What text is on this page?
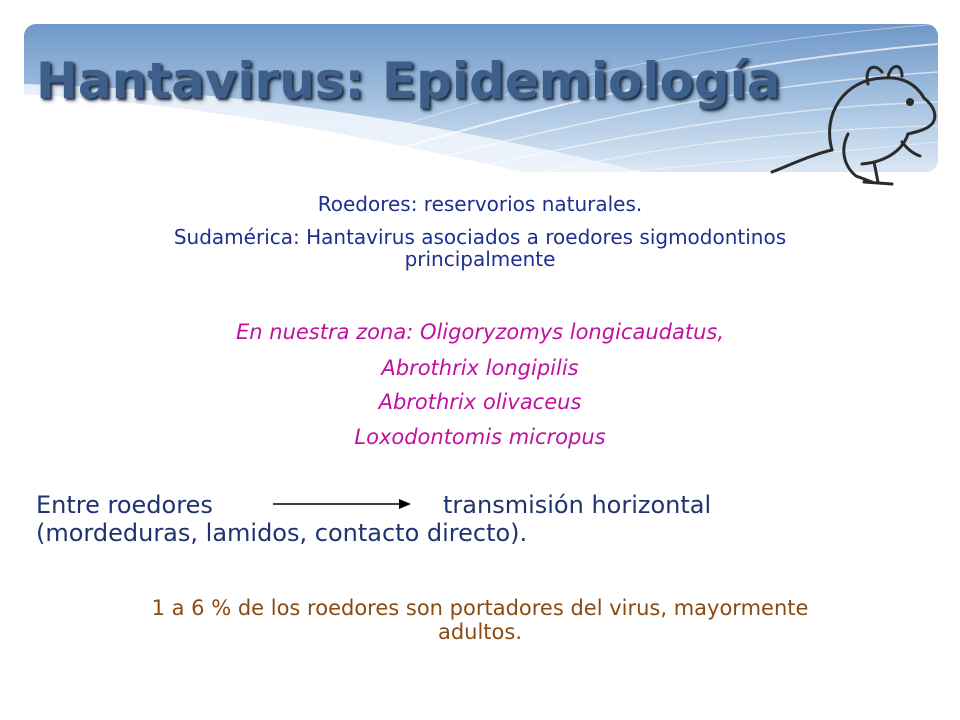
Hantavirus: Epidemiología

Roedores: reservorios naturales.

Sudamérica: Hantavirus asociados a roedores sigmodontinos

principalmente

En nuestra zona: Oligoryzomys longicaudatus,

Abrothrix longipilis

Abrothrix olivaceus

Loxodontomis micropus

Entre roedores	transmisión horizontal

(mordeduras, lamidos, contacto directo).

1 a 6 % de los roedores son portadores del virus, mayormente

adultos.
